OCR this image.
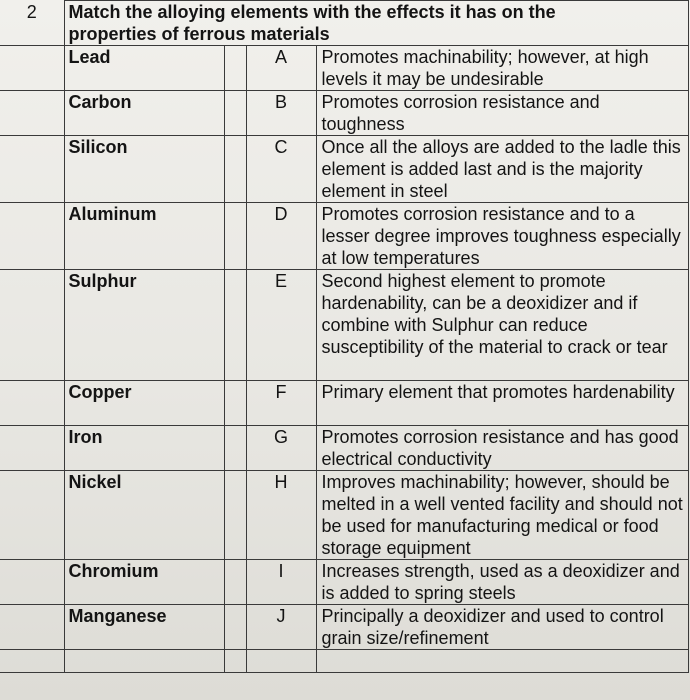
2	Match the alloying elements with the effects it has on the			
	properties of ferrous materials			
	Lead		A	Promotes machinability; however, at high levels it may be undesirable
	Carbon		B	Promotes corrosion resistance and toughness
	Silicon		C	Once all the alloys are added to the ladle this element is added last and is the majority element in steel
	Aluminum		D	Promotes corrosion resistance and to a lesser degree improves toughness especially at low temperatures
	Sulphur		E	Second highest element to promote hardenability, can be a deoxidizer and if combine with Sulphur can reduce susceptibility of the material to crack or tear
	Copper		F	Primary element that promotes hardenability
	Iron		G	Promotes corrosion resistance and has good electrical conductivity
	Nickel		H	Improves machinability; however, should be melted in a well vented facility and should not be used for manufacturing medical or food storage equipment
	Chromium		I	Increases strength, used as a deoxidizer and is added to spring steels
	Manganese		J	Principally a deoxidizer and used to control grain size/refinement
